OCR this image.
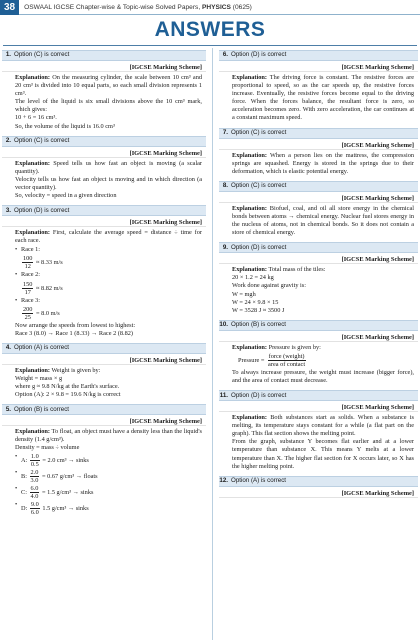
38	OSWAAL IGCSE Chapter-wise & Topic-wise Solved Papers, PHYSICS (0625)
ANSWERS
1. Option (C) is correct
[IGCSE Marking Scheme]

Explanation: On the measuring cylinder, the scale between 10 cm³ and 20 cm³ is divided into 10 equal parts, so each small division represents 1 cm³.

The level of the liquid is six small divisions above the 10 cm³ mark, which gives:

10 + 6 = 16 cm³.

So, the volume of the liquid is 16.0 cm³

2. Option (C) is correct
[IGCSE Marking Scheme]

Explanation: Speed tells us how fast an object is moving (a scalar quantity).

Velocity tells us how fast an object is moving and in which direction (a vector quantity).

So, velocity = speed in a given direction

3. Option (D) is correct
[IGCSE Marking Scheme]

Explanation: First, calculate the average speed = distance ÷ time for each race.

• Race 1:
$\frac{100}{12} \approx 8.33$ m/s
• Race 2:
$\frac{150}{17} \approx 8.82$ m/s
• Race 3:
$\frac{200}{25} = 8.0$ m/s

Now arrange the speeds from lowest to highest:

Race 3 (8.0) → Race 1 (8.33) → Race 2 (8.82)

4. Option (A) is correct
[IGCSE Marking Scheme]

Explanation: Weight is given by:

Weight = mass × g

where g ≈ 9.8 N/kg at the Earth's surface.

Option (A): 2 × 9.8 = 19.6 N/kg is correct

5. Option (B) is correct
[IGCSE Marking Scheme]

Explanation: To float, an object must have a density less than the liquid's density (1.4 g/cm³).

Density = mass ÷ volume

• A: $\frac{1.0}{0.5} = 2.0$ cm³ → sinks
• B: $\frac{2.0}{3.0} = 0.67$ g/cm³ → floats
• C: $\frac{6.0}{4.0} = 1.5$ g/cm³ → sinks
• D: $\frac{9.0}{6.0} 1.5$ g/cm³ → sinks
6. Option (D) is correct
[IGCSE Marking Scheme]

Explanation: The driving force is constant. The resistive forces are proportional to speed, so as the car speeds up, the resistive forces increase. Eventually, the resistive forces become equal to the driving force. When the forces balance, the resultant force is zero, so acceleration becomes zero. With zero acceleration, the car continues at a constant maximum speed.

7. Option (C) is correct
[IGCSE Marking Scheme]

Explanation: When a person lies on the mattress, the compression springs are squashed. Energy is stored in the springs due to their deformation, which is elastic potential energy.

8. Option (C) is correct
[IGCSE Marking Scheme]

Explanation: Biofuel, coal, and oil all store energy in the chemical bonds between atoms → chemical energy. Nuclear fuel stores energy in the nucleus of atoms, not in chemical bonds. So it does not contain a store of chemical energy.

9. Option (D) is correct
[IGCSE Marking Scheme]

Explanation: Total mass of the tiles:

20 × 1.2 = 24 kg

Work done against gravity is:

W = mgh

W = 24 × 9.8 × 15

W = 3528 J ≈ 3500 J

10. Option (B) is correct
[IGCSE Marking Scheme]

Explanation: Pressure is given by:

Pressure = $\frac{\text{force (weight)}}{\text{area of contact}}$

To always increase pressure, the weight must increase (bigger force), and the area of contact must decrease.

11. Option (D) is correct
[IGCSE Marking Scheme]

Explanation: Both substances start as solids. When a substance is melting, its temperature stays constant for a while (a flat part on the graph). This flat section shows the melting point.

From the graph, substance Y becomes flat earlier and at a lower temperature than substance X. This means Y melts at a lower temperature than X. The higher flat section for X occurs later, so X has the higher melting point.

12. Option (A) is correct
[IGCSE Marking Scheme]
